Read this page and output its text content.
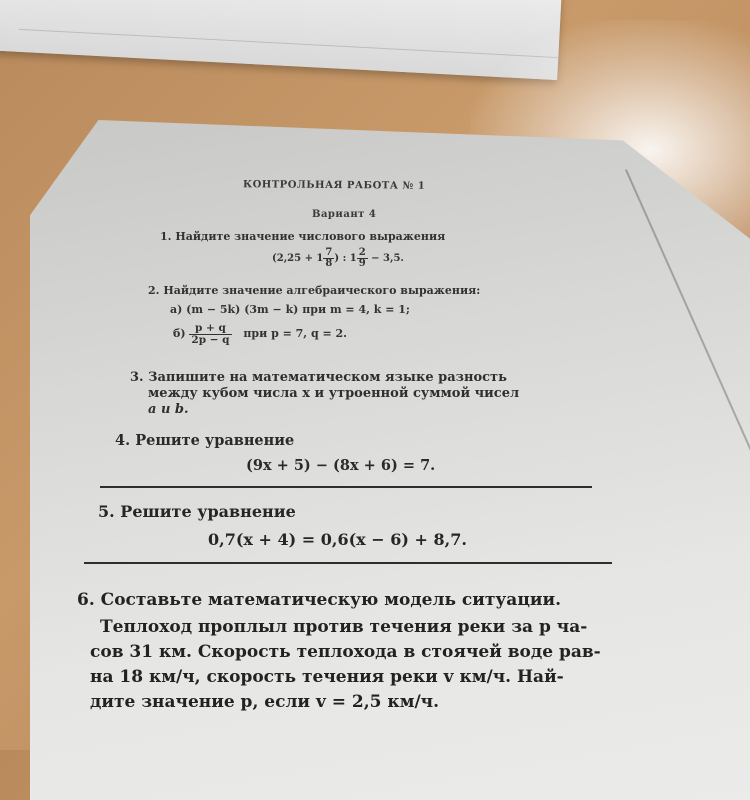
КОНТРОЛЬНАЯ РАБОТА № 1
Вариант 4
1. Найдите значение числового выражения
($2,25 + 1 \frac{7}{8}$ ) : $1 \frac{2}{9} - 3,5$.
2. Найдите значение алгебраического выражения:
а) (m − 5k) (3m − k) при m = 4, k = 1;
$б) \frac{p + q}{2p - q}$ при p = 7, q = 2.
3. Запишите на математическом языке разность
между кубом числа x и утроенной суммой чисел
a и b.
4. Решите уравнение
(9x + 5) − (8x + 6) = 7.
5. Решите уравнение
0,7(x + 4) = 0,6(x − 6) + 8,7.
6. Составьте математическую модель ситуации.
Теплоход проплыл против течения реки за p ча-
сов 31 км. Скорость теплохода в стоячей воде рав-
на 18 км/ч, скорость течения реки v км/ч. Най-
дите значение p, если v = 2,5 км/ч.
